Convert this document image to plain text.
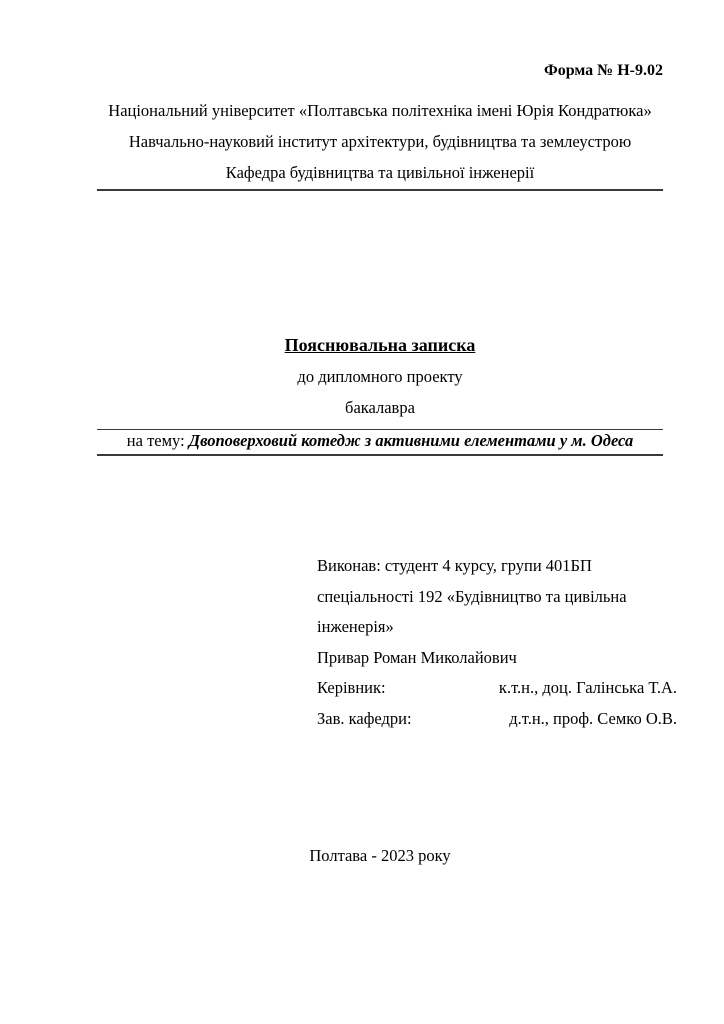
Форма № Н-9.02
Національний університет «Полтавська політехніка імені Юрія Кондратюка»
Навчально-науковий інститут архітектури, будівництва та землеустрою
Кафедра будівництва та цивільної інженерії
Пояснювальна записка
до дипломного проекту
бакалавра
на тему: Двоповерховий котедж з активними елементами у м. Одеса
Виконав: студент 4 курсу, групи 401БП
спеціальності 192 «Будівництво та цивільна
інженерія»
Привар Роман Миколайович
Керівник:	к.т.н., доц. Галінська Т.А.
Зав. кафедри:	д.т.н., проф. Семко О.В.
Полтава - 2023 року
